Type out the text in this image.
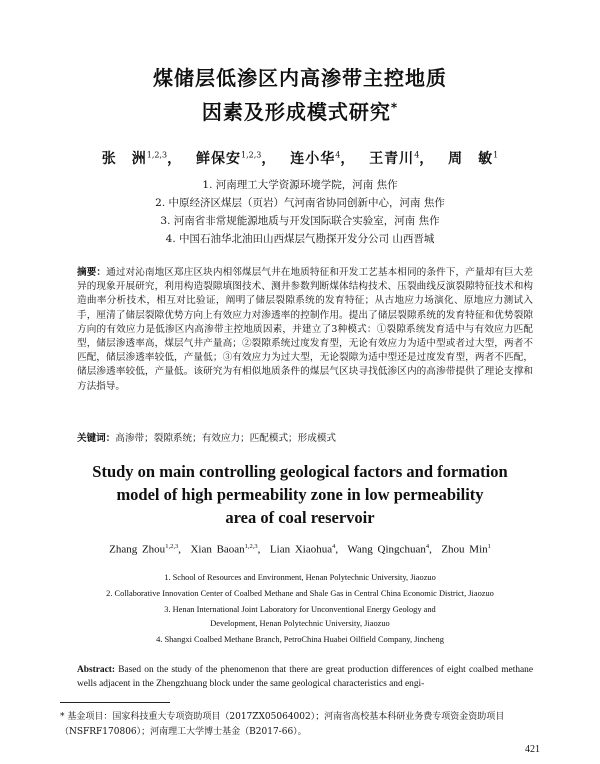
煤储层低渗区内高渗带主控地质
因素及形成模式研究*
张　洲$^{1,2,3}$， 鲜保安$^{1,2,3}$， 连小华$^4$， 王青川$^4$， 周　敏$^1$
1. 河南理工大学资源环境学院，河南 焦作
2. 中原经济区煤层（页岩）气河南省协同创新中心，河南 焦作
3. 河南省非常规能源地质与开发国际联合实验室，河南 焦作
4. 中国石油华北油田山西煤层气勘探开发分公司 山西晋城
摘要：通过对沁南地区郑庄区块内相邻煤层气井在地质特征和开发工艺基本相同的条件下，产量却有巨大差异的现象开展研究，利用构造裂隙填图技术、测井参数判断煤体结构技术、压裂曲线反演裂隙特征技术和构造曲率分析技术，相互对比验证，阐明了储层裂隙系统的发育特征；从古地应力场演化、原地应力测试入手，厘清了储层裂隙优势方向上有效应力对渗透率的控制作用。提出了储层裂隙系统的发育特征和优势裂隙方向的有效应力是低渗区内高渗带主控地质因素，并建立了3种模式：①裂隙系统发育适中与有效应力匹配型，储层渗透率高，煤层气井产量高；②裂隙系统过度发育型，无论有效应力为适中型或者过大型，两者不匹配，储层渗透率较低，产量低；③有效应力为过大型，无论裂隙为适中型还是过度发育型，两者不匹配，储层渗透率较低，产量低。该研究为有相似地质条件的煤层气区块寻找低渗区内的高渗带提供了理论支撑和方法指导。
关键词：高渗带；裂隙系统；有效应力；匹配模式；形成模式
Study on main controlling geological factors and formation
model of high permeability zone in low permeability
area of coal reservoir
Zhang Zhou$^{1,2,3}$,  Xian Baoan$^{1,2,3}$,  Lian Xiaohua$^4$,  Wang Qingchuan$^4$,  Zhou Min$^1$
1. School of Resources and Environment, Henan Polytechnic University, Jiaozuo
2. Collaborative Innovation Center of Coalbed Methane and Shale Gas in Central China Economic District, Jiaozuo
3. Henan International Joint Laboratory for Unconventional Energy Geology and
Development, Henan Polytechnic University, Jiaozuo
4. Shangxi Coalbed Methane Branch, PetroChina Huabei Oilfield Company, Jincheng
Abstract: Based on the study of the phenomenon that there are great production differences of eight coalbed methane wells adjacent in the Zhengzhuang block under the same geological characteristics and engi-
* 基金项目：国家科技重大专项资助项目（2017ZX05064002）；河南省高校基本科研业务费专项资金资助项目（NSFRF170806）；河南理工大学博士基金（B2017-66）。
421
